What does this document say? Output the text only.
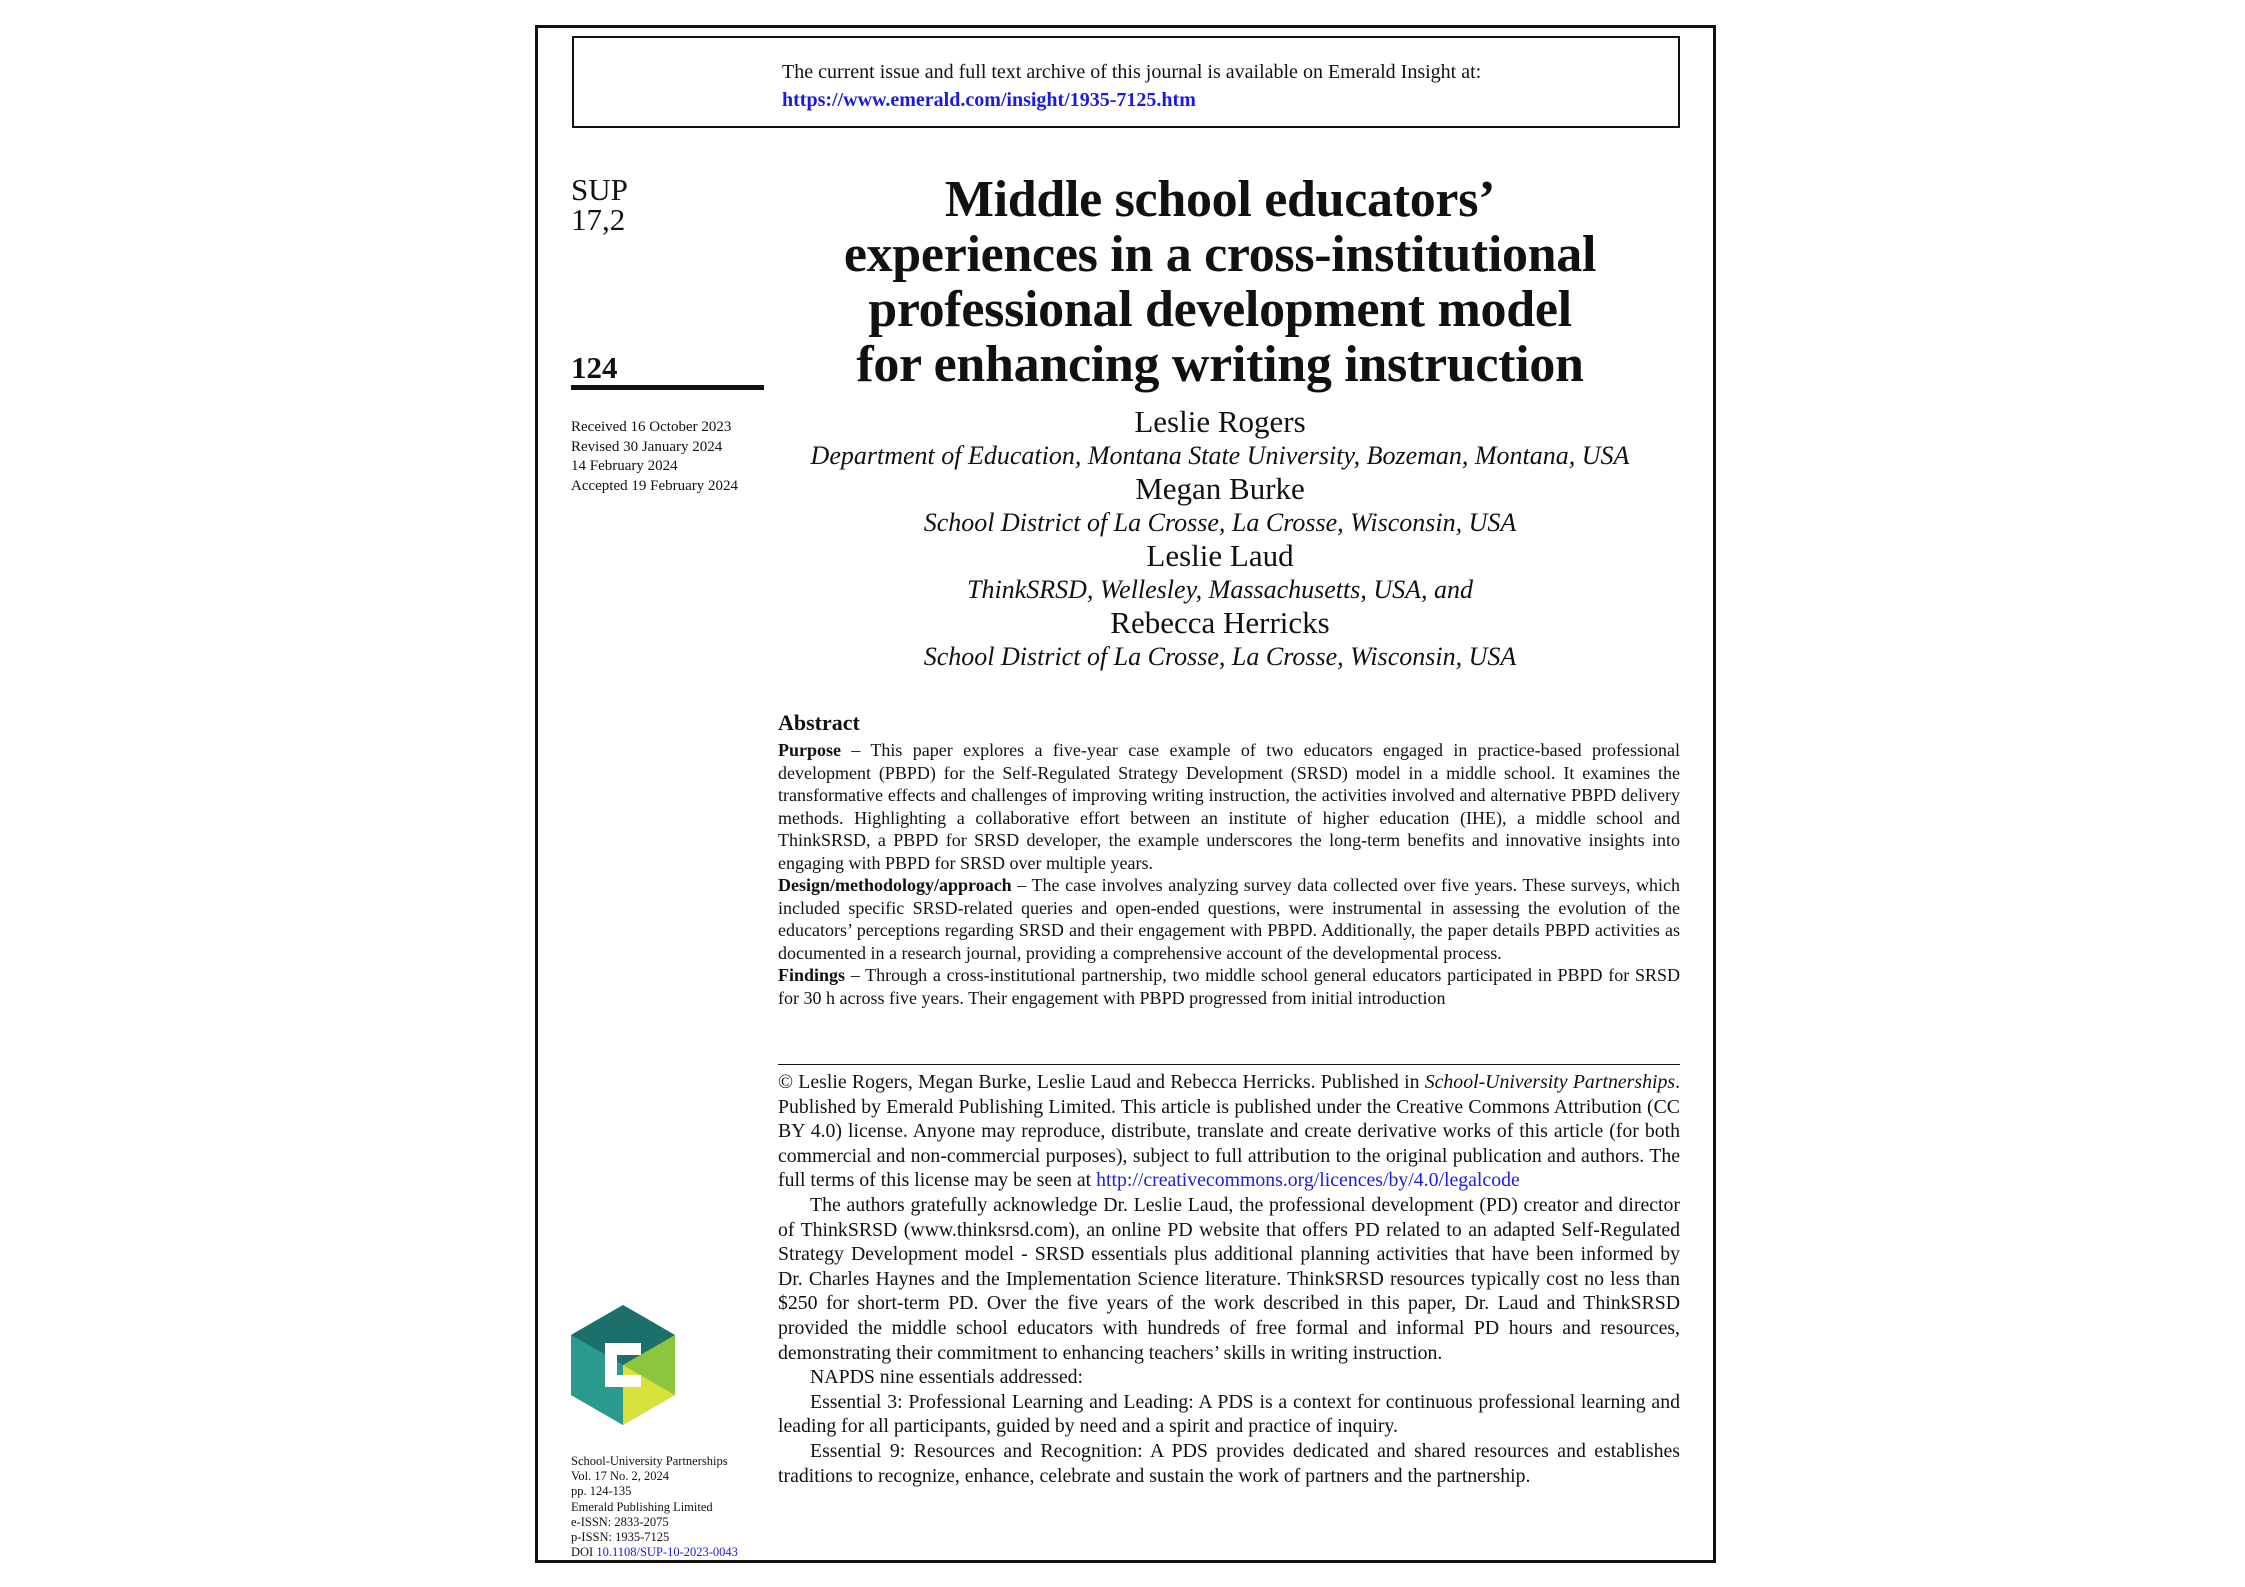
The current issue and full text archive of this journal is available on Emerald Insight at:
https://www.emerald.com/insight/1935-7125.htm
SUP
17,2
124
Received 16 October 2023
Revised 30 January 2024
14 February 2024
Accepted 19 February 2024
Middle school educators’
experiences in a cross-institutional
professional development model
for enhancing writing instruction
Leslie Rogers
Department of Education, Montana State University, Bozeman, Montana, USA
Megan Burke
School District of La Crosse, La Crosse, Wisconsin, USA
Leslie Laud
ThinkSRSD, Wellesley, Massachusetts, USA, and
Rebecca Herricks
School District of La Crosse, La Crosse, Wisconsin, USA
Abstract

Purpose – This paper explores a five-year case example of two educators engaged in practice-based professional development (PBPD) for the Self-Regulated Strategy Development (SRSD) model in a middle school. It examines the transformative effects and challenges of improving writing instruction, the activities involved and alternative PBPD delivery methods. Highlighting a collaborative effort between an institute of higher education (IHE), a middle school and ThinkSRSD, a PBPD for SRSD developer, the example underscores the long-term benefits and innovative insights into engaging with PBPD for SRSD over multiple years.

Design/methodology/approach – The case involves analyzing survey data collected over five years. These surveys, which included specific SRSD-related queries and open-ended questions, were instrumental in assessing the evolution of the educators’ perceptions regarding SRSD and their engagement with PBPD. Additionally, the paper details PBPD activities as documented in a research journal, providing a comprehensive account of the developmental process.

Findings – Through a cross-institutional partnership, two middle school general educators participated in PBPD for SRSD for 30 h across five years. Their engagement with PBPD progressed from initial introduction

© Leslie Rogers, Megan Burke, Leslie Laud and Rebecca Herricks. Published in School-University Partnerships. Published by Emerald Publishing Limited. This article is published under the Creative Commons Attribution (CC BY 4.0) license. Anyone may reproduce, distribute, translate and create derivative works of this article (for both commercial and non-commercial purposes), subject to full attribution to the original publication and authors. The full terms of this license may be seen at http://creativecommons.org/licences/by/4.0/legalcode

The authors gratefully acknowledge Dr. Leslie Laud, the professional development (PD) creator and director of ThinkSRSD (www.thinksrsd.com), an online PD website that offers PD related to an adapted Self-Regulated Strategy Development model - SRSD essentials plus additional planning activities that have been informed by Dr. Charles Haynes and the Implementation Science literature. ThinkSRSD resources typically cost no less than $250 for short-term PD. Over the five years of the work described in this paper, Dr. Laud and ThinkSRSD provided the middle school educators with hundreds of free formal and informal PD hours and resources, demonstrating their commitment to enhancing teachers’ skills in writing instruction.

NAPDS nine essentials addressed:

Essential 3: Professional Learning and Leading: A PDS is a context for continuous professional learning and leading for all participants, guided by need and a spirit and practice of inquiry.

Essential 9: Resources and Recognition: A PDS provides dedicated and shared resources and establishes traditions to recognize, enhance, celebrate and sustain the work of partners and the partnership.

School-University Partnerships
Vol. 17 No. 2, 2024
pp. 124-135
Emerald Publishing Limited
e-ISSN: 2833-2075
p-ISSN: 1935-7125
DOI 10.1108/SUP-10-2023-0043
